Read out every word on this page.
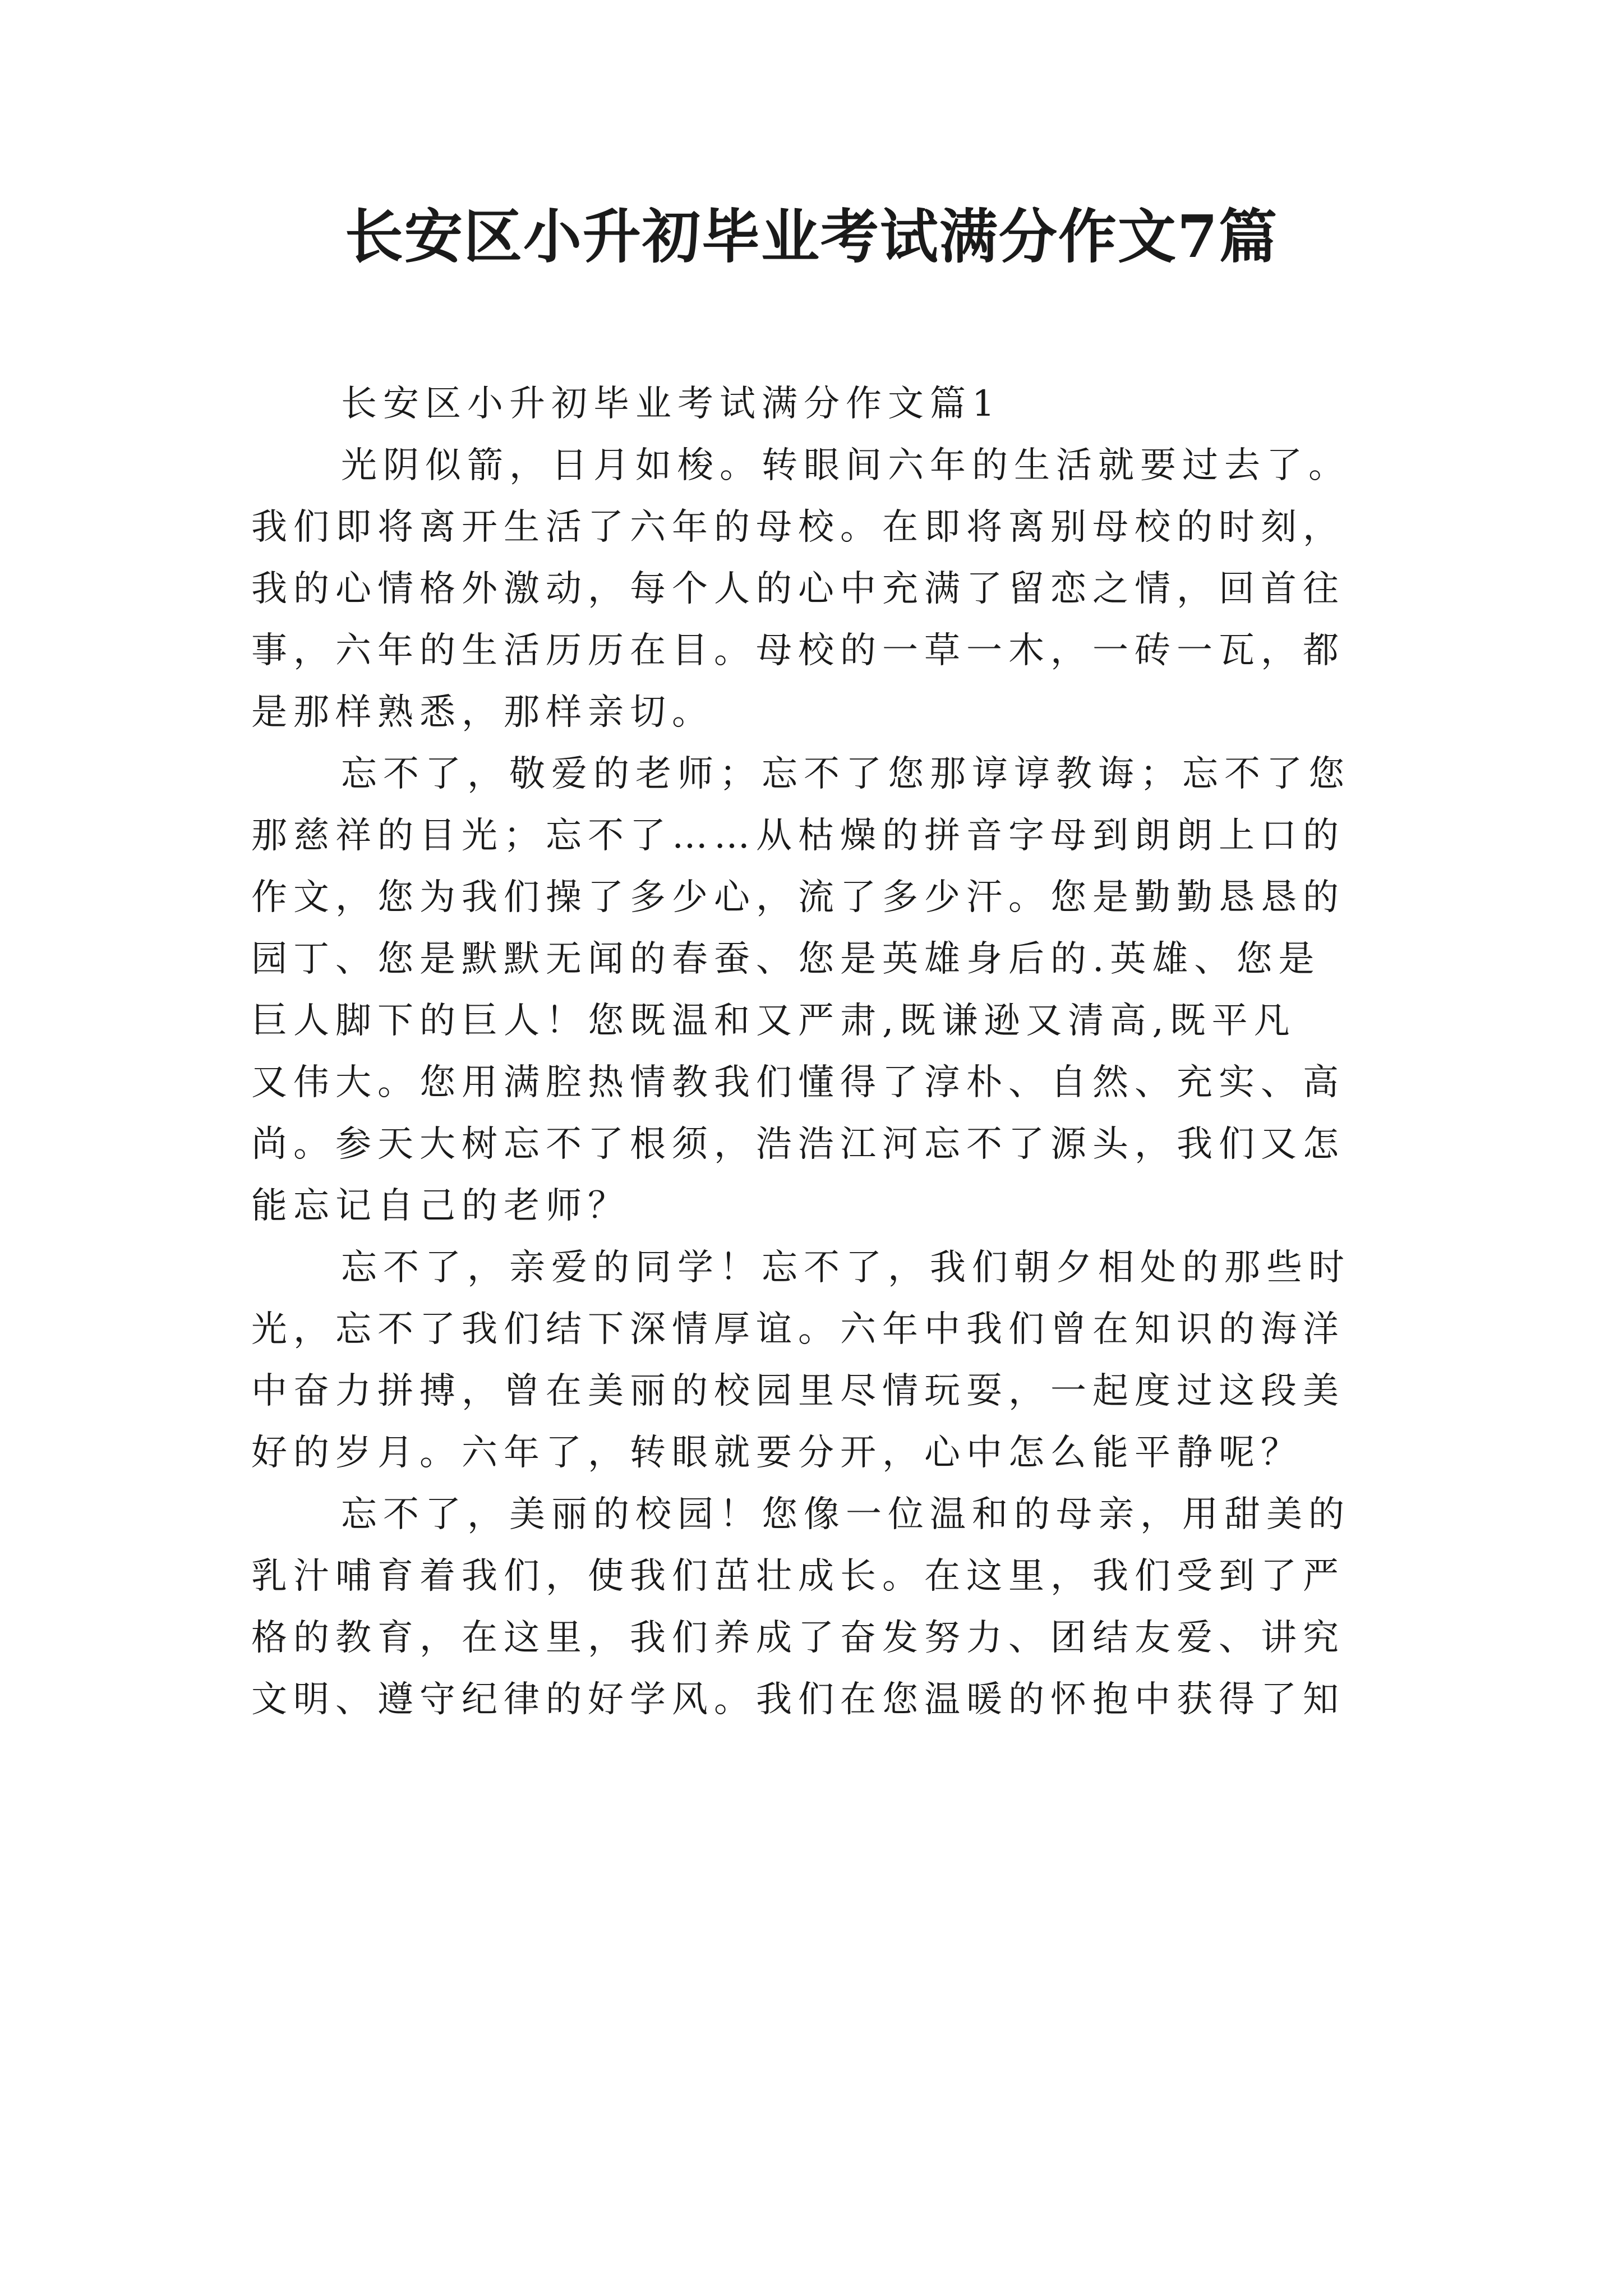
长安区小升初毕业考试满分作文7篇
长安区小升初毕业考试满分作文篇1
光阴似箭，日月如梭。转眼间六年的生活就要过去了。
我们即将离开生活了六年的母校。在即将离别母校的时刻，
我的心情格外激动，每个人的心中充满了留恋之情，回首往
事，六年的生活历历在目。母校的一草一木，一砖一瓦，都
是那样熟悉，那样亲切。
忘不了，敬爱的老师；忘不了您那谆谆教诲；忘不了您
那慈祥的目光；忘不了……从枯燥的拼音字母到朗朗上口的
作文，您为我们操了多少心，流了多少汗。您是勤勤恳恳的
园丁、您是默默无闻的春蚕、您是英雄身后的.英雄、您是
巨人脚下的巨人！您既温和又严肃,既谦逊又清高,既平凡
又伟大。您用满腔热情教我们懂得了淳朴、自然、充实、高
尚。参天大树忘不了根须，浩浩江河忘不了源头，我们又怎
能忘记自己的老师？
忘不了，亲爱的同学！忘不了，我们朝夕相处的那些时
光，忘不了我们结下深情厚谊。六年中我们曾在知识的海洋
中奋力拼搏，曾在美丽的校园里尽情玩耍，一起度过这段美
好的岁月。六年了，转眼就要分开，心中怎么能平静呢？
忘不了，美丽的校园！您像一位温和的母亲，用甜美的
乳汁哺育着我们，使我们茁壮成长。在这里，我们受到了严
格的教育，在这里，我们养成了奋发努力、团结友爱、讲究
文明、遵守纪律的好学风。我们在您温暖的怀抱中获得了知
